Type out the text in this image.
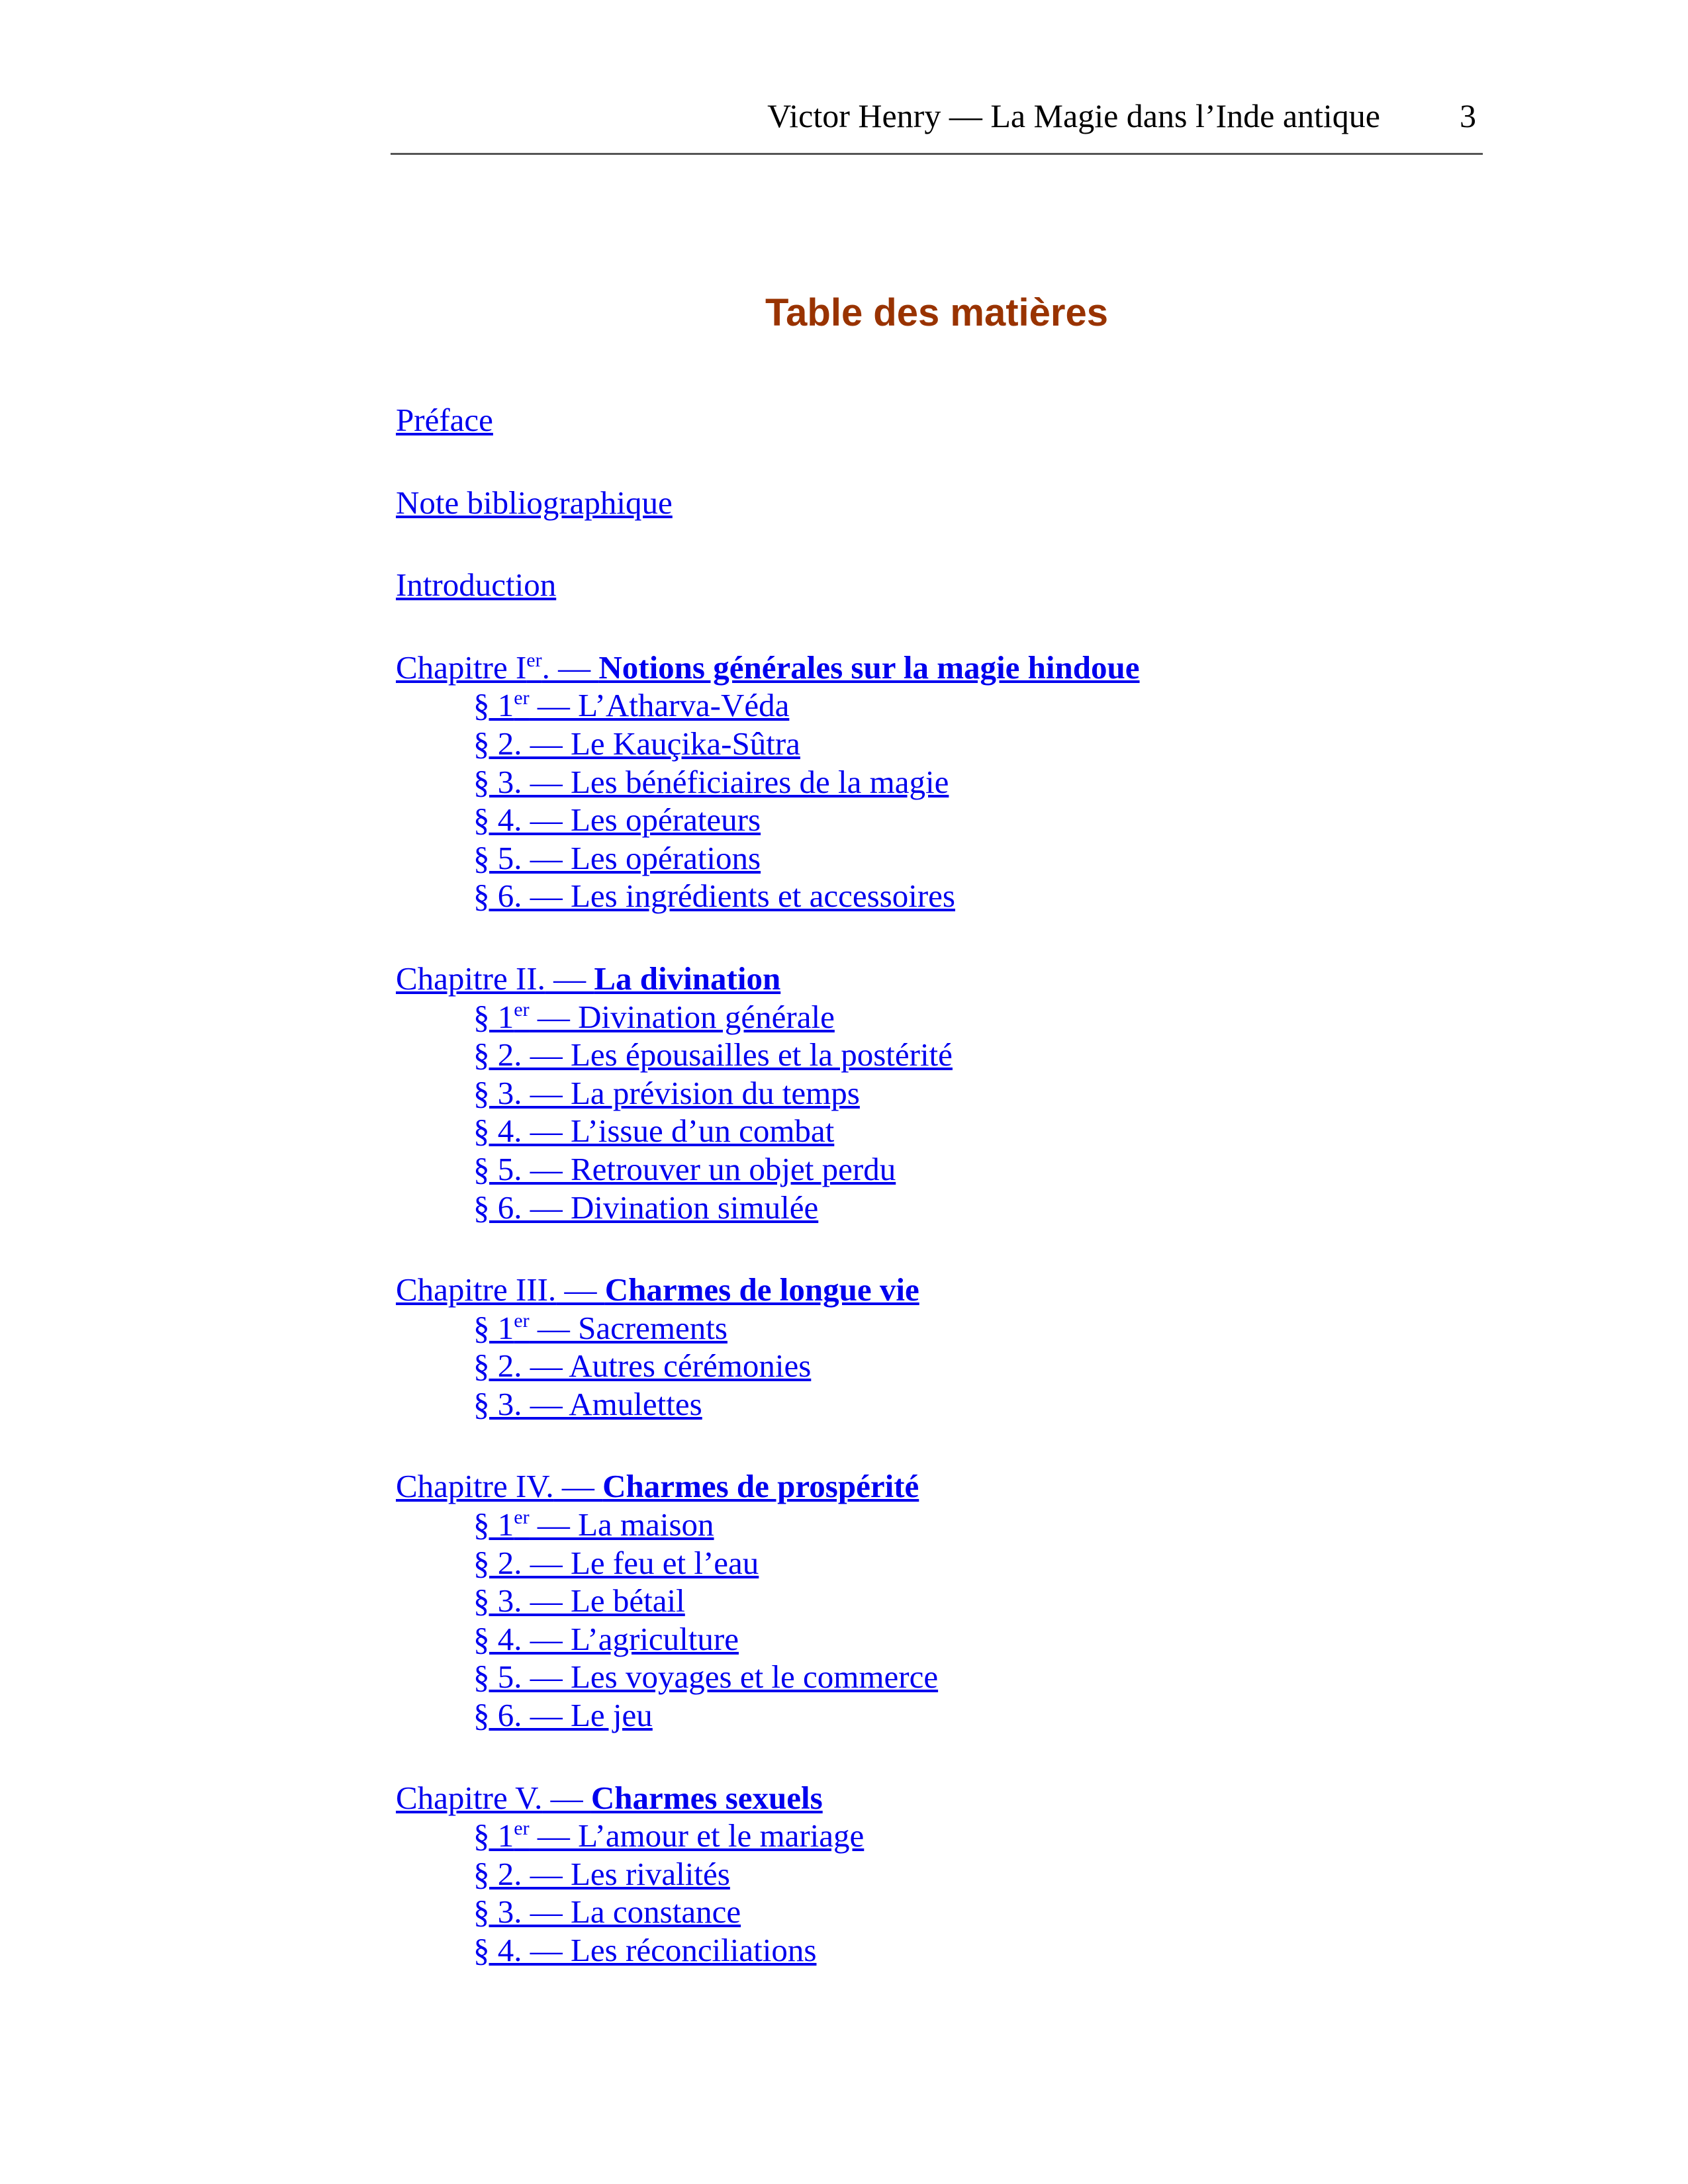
Victor Henry — La Magie dans l’Inde antique 3
Table des matières
Préface
Note bibliographique
Introduction
Chapitre Ier. — Notions générales sur la magie hindoue
§ 1er — L’Atharva-Véda
§ 2. — Le Kauçika-Sûtra
§ 3. — Les bénéficiaires de la magie
§ 4. — Les opérateurs
§ 5. — Les opérations
§ 6. — Les ingrédients et accessoires
Chapitre II. — La divination
§ 1er — Divination générale
§ 2. — Les épousailles et la postérité
§ 3. — La prévision du temps
§ 4. — L’issue d’un combat
§ 5. — Retrouver un objet perdu
§ 6. — Divination simulée
Chapitre III. — Charmes de longue vie
§ 1er — Sacrements
§ 2. — Autres cérémonies
§ 3. — Amulettes
Chapitre IV. — Charmes de prospérité
§ 1er — La maison
§ 2. — Le feu et l’eau
§ 3. — Le bétail
§ 4. — L’agriculture
§ 5. — Les voyages et le commerce
§ 6. — Le jeu
Chapitre V. — Charmes sexuels
§ 1er — L’amour et le mariage
§ 2. — Les rivalités
§ 3. — La constance
§ 4. — Les réconciliations
